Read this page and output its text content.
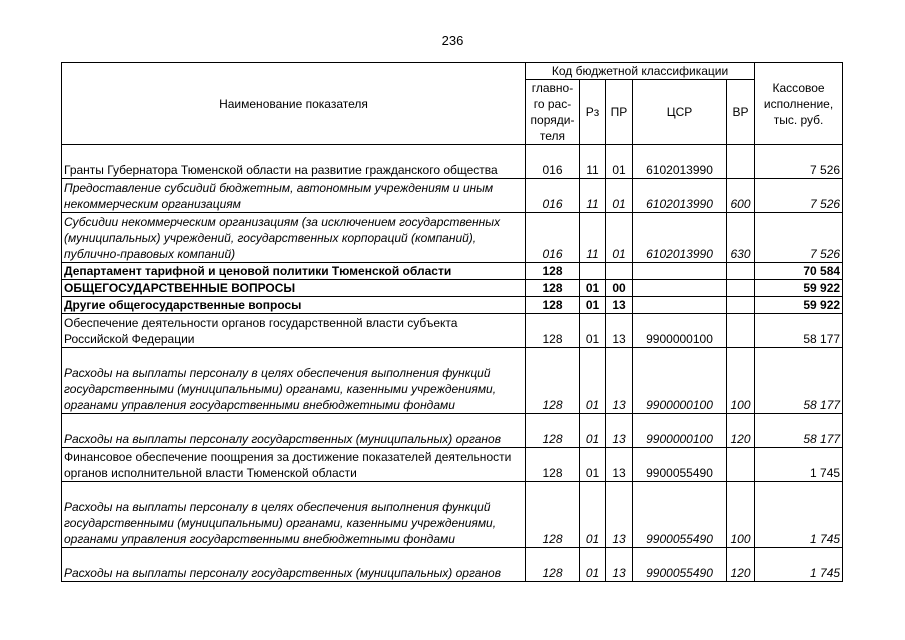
236
Наименование показателя	Код бюджетной классификации					Кассовое исполнение, тыс. руб.
	главно-го рас-поряди-теля	Рз	ПР	ЦСР	ВР	
Гранты Губернатора Тюменской области на развитие гражданского общества	016	11	01	6102013990		7 526
Предоставление субсидий бюджетным, автономным учреждениям и иным некоммерческим организациям	016	11	01	6102013990	600	7 526
Субсидии некоммерческим организациям (за исключением государственных (муниципальных) учреждений, государственных корпораций (компаний), публично-правовых компаний)	016	11	01	6102013990	630	7 526
Департамент тарифной и ценовой политики Тюменской области	128					70 584
ОБЩЕГОСУДАРСТВЕННЫЕ ВОПРОСЫ	128	01	00			59 922
Другие общегосударственные вопросы	128	01	13			59 922
Обеспечение деятельности органов государственной власти субъекта Российской Федерации	128	01	13	9900000100		58 177
Расходы на выплаты персоналу в целях обеспечения выполнения функций государственными (муниципальными) органами, казенными учреждениями, органами управления государственными внебюджетными фондами	128	01	13	9900000100	100	58 177
Расходы на выплаты персоналу государственных (муниципальных) органов	128	01	13	9900000100	120	58 177
Финансовое обеспечение поощрения за достижение показателей деятельности органов исполнительной власти Тюменской области	128	01	13	9900055490		1 745
Расходы на выплаты персоналу в целях обеспечения выполнения функций государственными (муниципальными) органами, казенными учреждениями, органами управления государственными внебюджетными фондами	128	01	13	9900055490	100	1 745
Расходы на выплаты персоналу государственных (муниципальных) органов	128	01	13	9900055490	120	1 745
